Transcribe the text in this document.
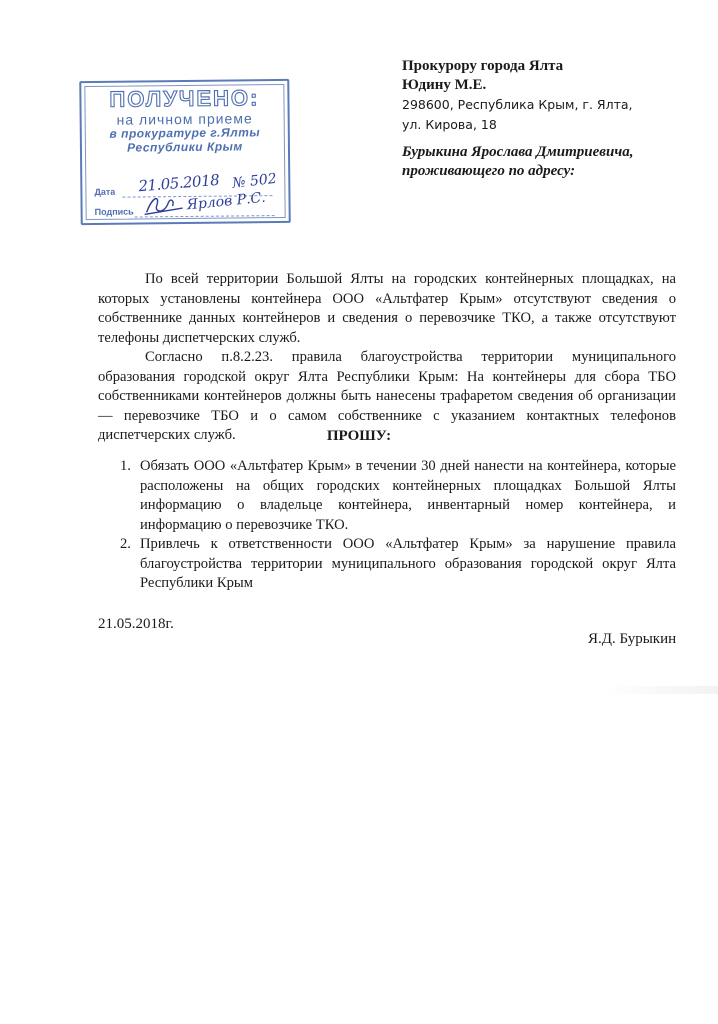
ПОЛУЧЕНО:
на личном приеме
в прокуратуре г.Ялты
Республики Крым
Дата
Подпись
21.05.2018 № 502
Ярлов Р.С.
Прокурору города Ялта
Юдину М.Е.
298600, Республика Крым, г. Ялта,
ул. Кирова, 18
Бурыкина Ярослава Дмитриевича,
проживающего по адресу:

По всей территории Большой Ялты на городских контейнерных площадках, на которых установлены контейнера ООО «Альтфатер Крым» отсутствуют сведения о собственнике данных контейнеров и сведения о перевозчике ТКО, а также отсутствуют телефоны диспетчерских служб.

Согласно п.8.2.23. правила благоустройства территории муниципального образования городской округ Ялта Республики Крым: На контейнеры для сбора ТБО собственниками контейнеров должны быть нанесены трафаретом сведения об организации — перевозчике ТБО и о самом собственнике с указанием контактных телефонов диспетчерских служб.	ПРОШУ:
1. Обязать ООО «Альтфатер Крым» в течении 30 дней нанести на контейнера, которые расположены на общих городских контейнерных площадках Большой Ялты информацию о владельце контейнера, инвентарный номер контейнера, и информацию о перевозчике ТКО.
2. Привлечь к ответственности ООО «Альтфатер Крым» за нарушение правила благоустройства территории муниципального образования городской округ Ялта Республики Крым
21.05.2018г.
Я.Д. Бурыкин
